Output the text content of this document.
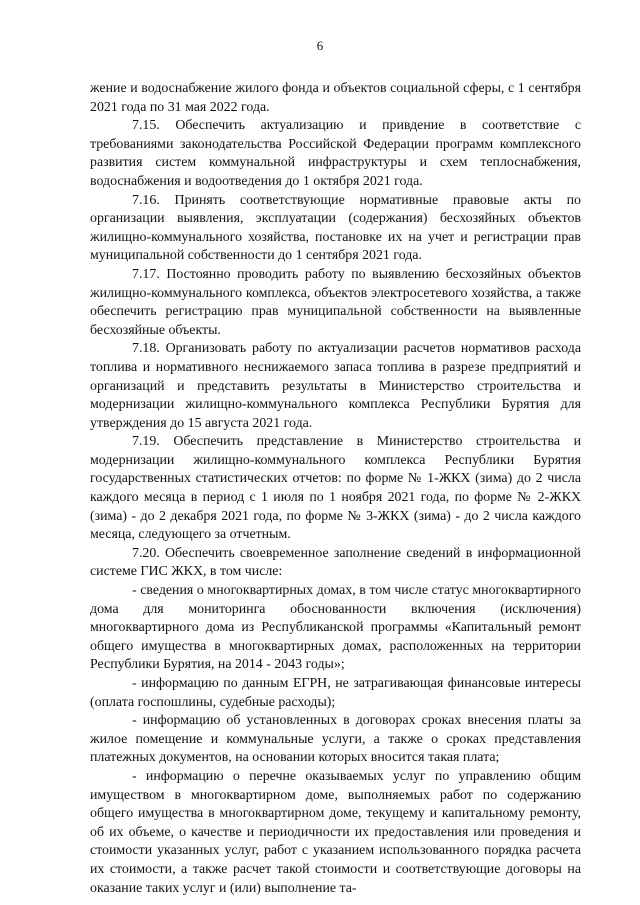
6

жение и водоснабжение жилого фонда и объектов социальной сферы, с 1 сентября 2021 года по 31 мая 2022 года.

7.15. Обеспечить актуализацию и привдение в соответствие с требованиями законодательства Российской Федерации программ комплексного развития систем коммунальной инфраструктуры и схем теплоснабжения, водоснабжения и водоотведения до 1 октября 2021 года.

7.16. Принять соответствующие нормативные правовые акты по организации выявления, эксплуатации (содержания) бесхозяйных объектов жилищно-коммунального хозяйства, постановке их на учет и регистрации прав муниципальной собственности до 1 сентября 2021 года.

7.17. Постоянно проводить работу по выявлению бесхозяйных объектов жилищно-коммунального комплекса, объектов электросетевого хозяйства, а также обеспечить регистрацию прав муниципальной собственности на выявленные бесхозяйные объекты.

7.18. Организовать работу по актуализации расчетов нормативов расхода топлива и нормативного неснижаемого запаса топлива в разрезе предприятий и организаций и представить результаты в Министерство строительства и модернизации жилищно-коммунального комплекса Республики Бурятия для утверждения до 15 августа 2021 года.

7.19. Обеспечить представление в Министерство строительства и модернизации жилищно-коммунального комплекса Республики Бурятия государственных статистических отчетов: по форме № 1-ЖКХ (зима) до 2 числа каждого месяца в период с 1 июля по 1 ноября 2021 года, по форме № 2-ЖКХ (зима) - до 2 декабря 2021 года, по форме № 3-ЖКХ (зима) - до 2 числа каждого месяца, следующего за отчетным.

7.20. Обеспечить своевременное заполнение сведений в информационной системе ГИС ЖКХ, в том числе:

- сведения о многоквартирных домах, в том числе статус многоквартирного дома для мониторинга обоснованности включения (исключения) многоквартирного дома из Республиканской программы «Капитальный ремонт общего имущества в многоквартирных домах, расположенных на территории Республики Бурятия, на 2014 - 2043 годы»;

- информацию по данным ЕГРН, не затрагивающая финансовые интересы (оплата госпошлины, судебные расходы);

- информацию об установленных в договорах сроках внесения платы за жилое помещение и коммунальные услуги, а также о сроках представления платежных документов, на основании которых вносится такая плата;

- информацию о перечне оказываемых услуг по управлению общим имуществом в многоквартирном доме, выполняемых работ по содержанию общего имущества в многоквартирном доме, текущему и капитальному ремонту, об их объеме, о качестве и периодичности их предоставления или проведения и стоимости указанных услуг, работ с указанием использованного порядка расчета их стоимости, а также расчет такой стоимости и соответствующие договоры на оказание таких услуг и (или) выполнение та-
